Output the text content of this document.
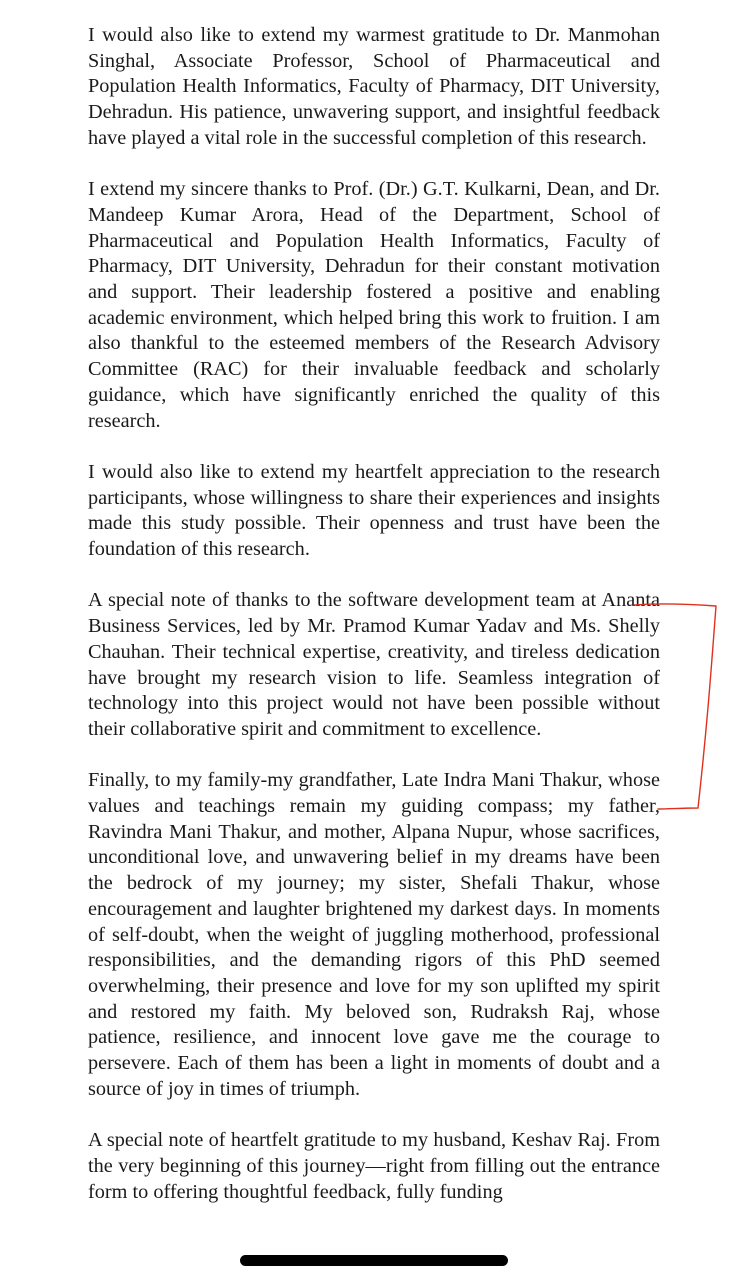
I would also like to extend my warmest gratitude to Dr. Manmohan Singhal, Associate Professor, School of Pharmaceutical and Population Health Informatics, Faculty of Pharmacy, DIT University, Dehradun. His patience, unwavering support, and insightful feedback have played a vital role in the successful completion of this research.

I extend my sincere thanks to Prof. (Dr.) G.T. Kulkarni, Dean, and Dr. Mandeep Kumar Arora, Head of the Department, School of Pharmaceutical and Population Health Informatics, Faculty of Pharmacy, DIT University, Dehradun for their constant motivation and support. Their leadership fostered a positive and enabling academic environment, which helped bring this work to fruition. I am also thankful to the esteemed members of the Research Advisory Committee (RAC) for their invaluable feedback and scholarly guidance, which have significantly enriched the quality of this research.

I would also like to extend my heartfelt appreciation to the research participants, whose willingness to share their experiences and insights made this study possible. Their openness and trust have been the foundation of this research.

A special note of thanks to the software development team at Ananta Business Services, led by Mr. Pramod Kumar Yadav and Ms. Shelly Chauhan. Their technical expertise, creativity, and tireless dedication have brought my research vision to life. Seamless integration of technology into this project would not have been possible without their collaborative spirit and commitment to excellence.

Finally, to my family-my grandfather, Late Indra Mani Thakur, whose values and teachings remain my guiding compass; my father, Ravindra Mani Thakur, and mother, Alpana Nupur, whose sacrifices, unconditional love, and unwavering belief in my dreams have been the bedrock of my journey; my sister, Shefali Thakur, whose encouragement and laughter brightened my darkest days. In moments of self-doubt, when the weight of juggling motherhood, professional responsibilities, and the demanding rigors of this PhD seemed overwhelming, their presence and love for my son uplifted my spirit and restored my faith. My beloved son, Rudraksh Raj, whose patience, resilience, and innocent love gave me the courage to persevere. Each of them has been a light in moments of doubt and a source of joy in times of triumph.

A special note of heartfelt gratitude to my husband, Keshav Raj. From the very beginning of this journey—right from filling out the entrance form to offering thoughtful feedback, fully funding
